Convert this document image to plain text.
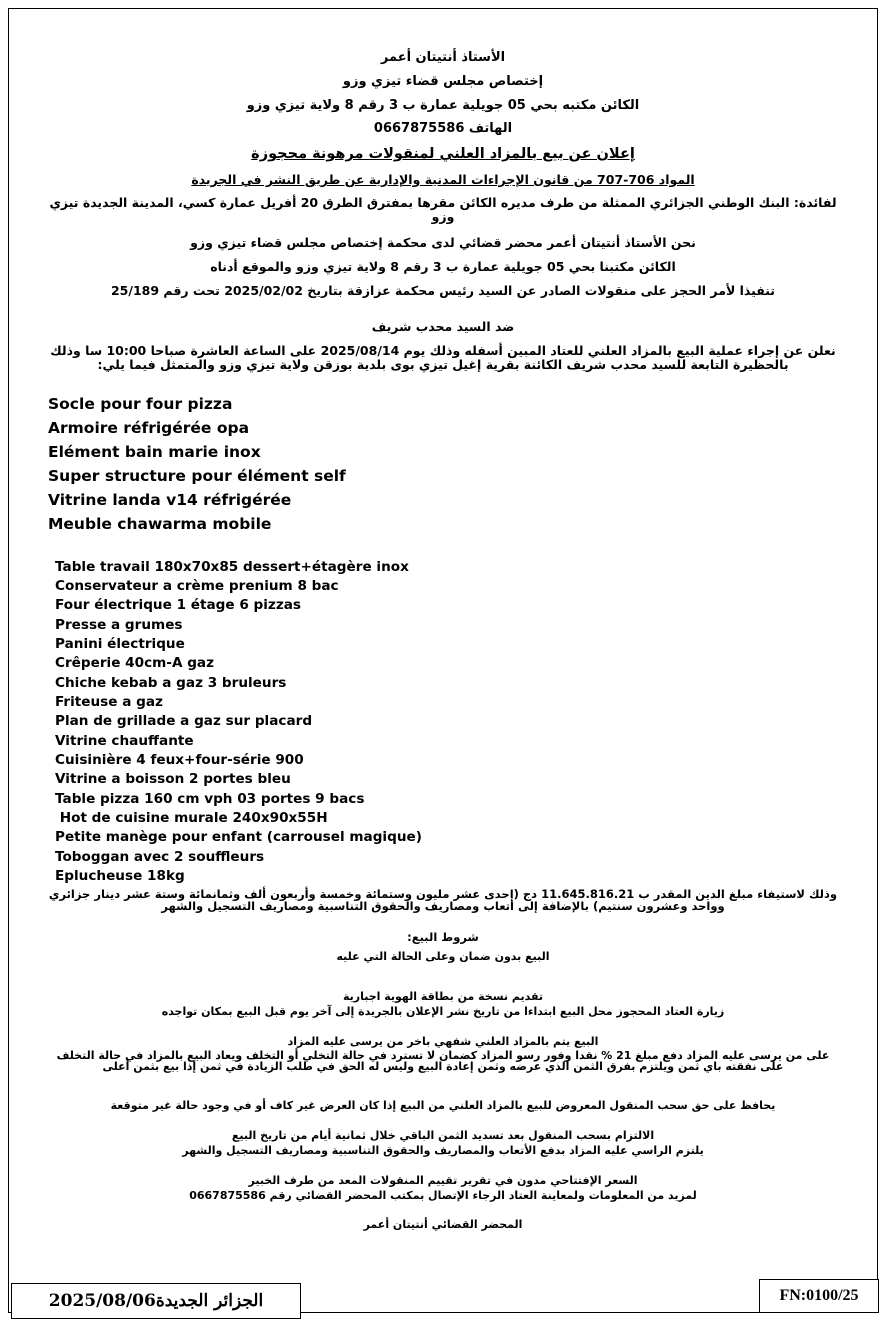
الأستاذ أنتيتان أعمر
إختصاص مجلس قضاء تيزي وزو
الكائن مكتبه بحي 05 جويلية عمارة ب 3 رقم 8 ولاية تيزي وزو
الهاتف 0667875586
إعلان عن بيع بالمزاد العلني لمنقولات مرهونة محجوزة
المواد 706-707 من قانون الإجراءات المدنية والإدارية عن طريق النشر في الجريدة
لفائدة: البنك الوطني الجزائري الممثلة من طرف مديره الكائن مقرها بمفترق الطرق 20 أفريل عمارة كسي، المدينة الجديدة تيزي وزو
نحن الأستاذ أنتيتان أعمر محضر قضائي لدى محكمة إختصاص مجلس قضاء تيزي وزو
الكائن مكتبنا بحي 05 جويلية عمارة ب 3 رقم 8 ولاية تيزي وزو والموقع أدناه
تنفيذا لأمر الحجز على منقولات الصادر عن السيد رئيس محكمة عزازقة بتاريخ 2025/02/02 تحت رقم 25/189
ضد السيد محدب شريف
نعلن عن إجراء عملية البيع بالمزاد العلني للعتاد المبين أسفله وذلك يوم 2025/08/14 على الساعة العاشرة صباحا 10:00 سا وذلك بالحظيرة التابعة للسيد محدب شريف الكائنة بقرية إغيل تيزي بوى بلدية بوزقن ولاية تيزي وزو والمتمثل فيما يلي:
Socle pour four pizza
Armoire réfrigérée opa
Elément bain marie inox
Super structure pour élément self
Vitrine landa v14 réfrigérée
Meuble chawarma mobile
Table travail 180x70x85 dessert+étagère inox
Conservateur a crème prenium 8 bac
Four électrique 1 étage 6 pizzas
Presse a grumes
Panini électrique
Crêperie 40cm-A gaz
Chiche kebab a gaz 3 bruleurs
Friteuse a gaz
Plan de grillade a gaz sur placard
Vitrine chauffante
Cuisinière 4 feux+four-série 900
Vitrine a boisson 2 portes bleu
Table pizza 160 cm vph 03 portes 9 bacs
Hot de cuisine murale 240x90x55H
Petite manège pour enfant (carrousel magique)
Toboggan avec 2 souffleurs
Eplucheuse 18kg
وذلك لاستيفاء مبلغ الدين المقدر ب 11.645.816.21 دج (احدى عشر مليون وستمائة وخمسة وأربعون ألف وثمانمائة وستة عشر دينار جزائري وواحد وعشرون سنتيم) بالإضافة إلى أتعاب ومصاريف والحقوق التناسبية ومصاريف التسجيل والشهر
شروط البيع:
البيع بدون ضمان وعلى الحالة التي عليه
تقديم نسخة من بطاقة الهوية اجبارية
زيارة العتاد المحجوز محل البيع ابتداءا من تاريخ نشر الإعلان بالجريدة إلى آخر يوم قبل البيع بمكان تواجده
البيع يتم بالمزاد العلني شفهي باخر من يرسى عليه المزاد
على من يرسى عليه المزاد دفع مبلغ 21 % نقدا وفور رسو المزاد كضمان لا تسترد في حالة التخلي أو التخلف ويعاد البيع بالمزاد في حالة التخلف على نفقته باي ثمن ويلتزم بفرق الثمن الذي عرضه وثمن إعادة البيع وليس له الحق في طلب الزيادة في ثمن إذا بيع بثمن أعلى
يحافظ على حق سحب المنقول المعروض للبيع بالمزاد العلني من البيع إذا كان العرض غير كاف أو في وجود حالة غير متوقعة
الالتزام بسحب المنقول بعد تسديد الثمن الباقي خلال ثمانية أيام من تاريخ البيع
يلتزم الراسي عليه المزاد بدفع الأتعاب والمصاريف والحقوق التناسبية ومصاريف التسجيل والشهر
السعر الإفتتاحي مدون في تقرير تقييم المنقولات المعد من طرف الخبير
لمزيد من المعلومات ولمعاينة العتاد الرجاء الإتصال بمكتب المحضر القضائي رقم 0667875586
المحضر القضائي أنتيتان أعمر
2025/08/06 الجزائر الجديدة	FN:0100/25
